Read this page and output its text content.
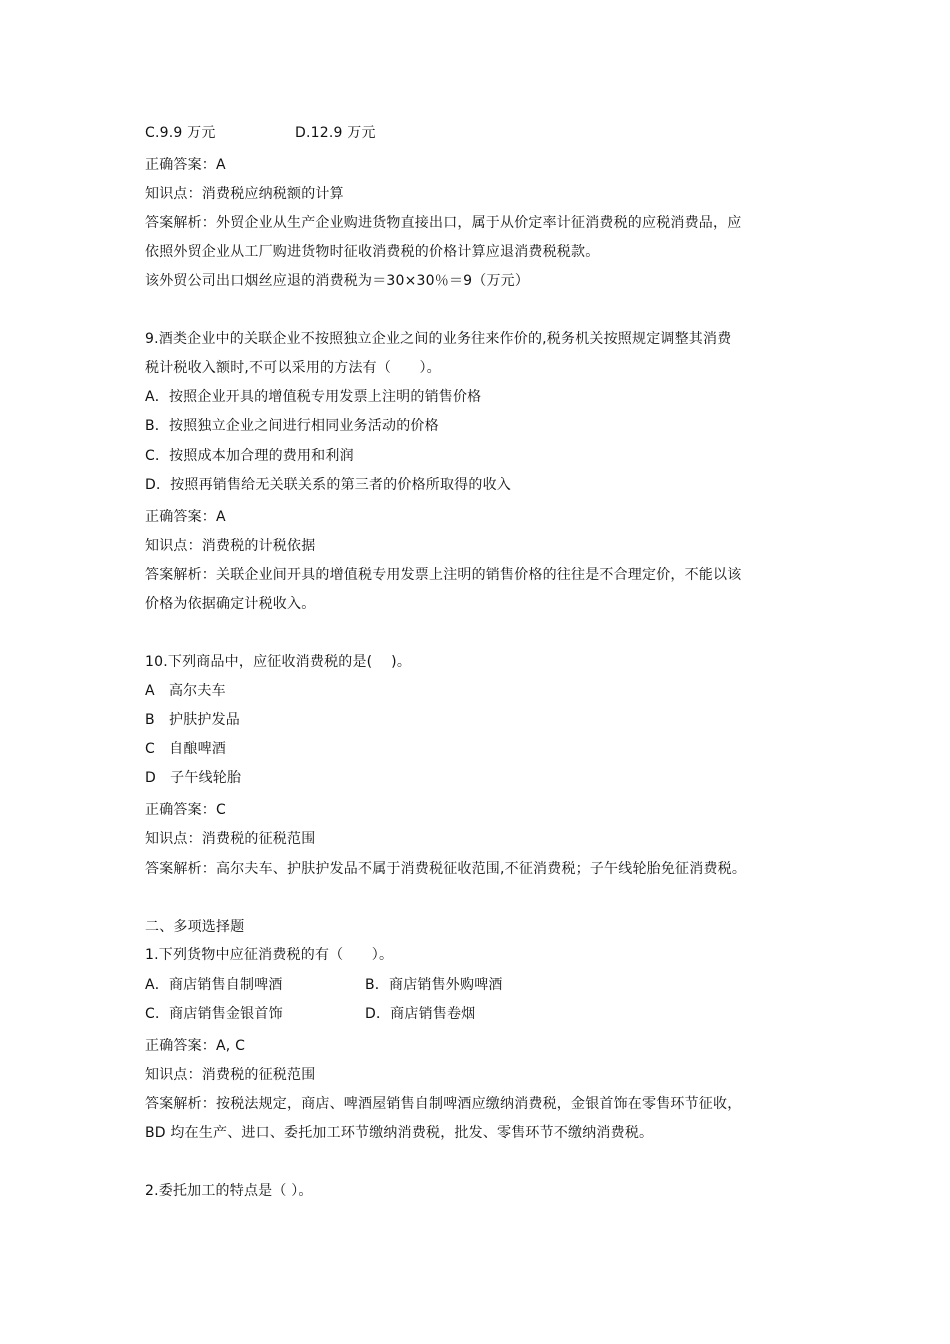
C.9.9 万元	D.12.9 万元
正确答案：A
知识点：消费税应纳税额的计算
答案解析：外贸企业从生产企业购进货物直接出口，属于从价定率计征消费税的应税消费品，应
依照外贸企业从工厂购进货物时征收消费税的价格计算应退消费税税款。
该外贸公司出口烟丝应退的消费税为＝30×30％＝9（万元）
9.酒类企业中的关联企业不按照独立企业之间的业务往来作价的,税务机关按照规定调整其消费
税计税收入额时,不可以采用的方法有（　　）。
A．按照企业开具的增值税专用发票上注明的销售价格
B．按照独立企业之间进行相同业务活动的价格
C．按照成本加合理的费用和利润
D．按照再销售给无关联关系的第三者的价格所取得的收入
正确答案：A
知识点：消费税的计税依据
答案解析：关联企业间开具的增值税专用发票上注明的销售价格的往往是不合理定价，不能以该
价格为依据确定计税收入。
10.下列商品中，应征收消费税的是(　 )。
A　高尔夫车
B　护肤护发品
C　自酿啤酒
D　子午线轮胎
正确答案：C
知识点：消费税的征税范围
答案解析：高尔夫车、护肤护发品不属于消费税征收范围,不征消费税；子午线轮胎免征消费税。
二、多项选择题
1.下列货物中应征消费税的有（　　）。
A．商店销售自制啤酒	B．商店销售外购啤酒
C．商店销售金银首饰	D．商店销售卷烟
正确答案：A, C
知识点：消费税的征税范围
答案解析：按税法规定，商店、啤酒屋销售自制啤酒应缴纳消费税，金银首饰在零售环节征收，
BD 均在生产、进口、委托加工环节缴纳消费税，批发、零售环节不缴纳消费税。
2.委托加工的特点是（ ）。
